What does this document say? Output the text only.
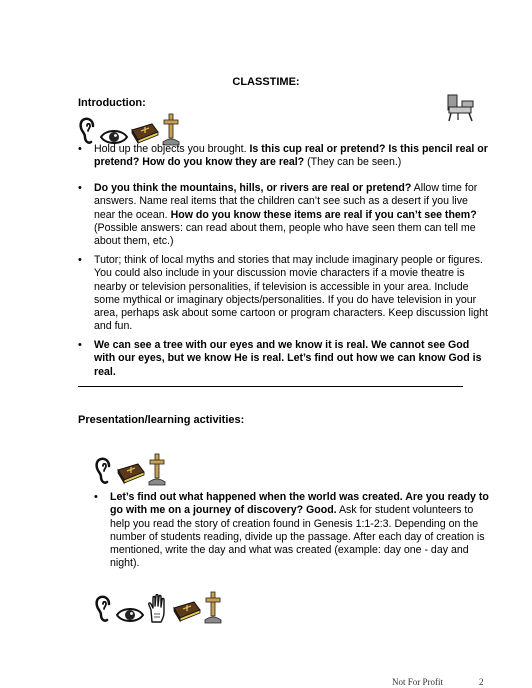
CLASSTIME:
Introduction:
•	Hold up the objects you brought. Is this cup real or pretend? Is this pencil real or pretend? How do you know they are real? (They can be seen.)
•	Do you think the mountains, hills, or rivers are real or pretend? Allow time for answers. Name real items that the children can’t see such as a desert if you live near the ocean. How do you know these items are real if you can’t see them? (Possible answers: can read about them, people who have seen them can tell me about them, etc.)
•	Tutor; think of local myths and stories that may include imaginary people or figures. You could also include in your discussion movie characters if a movie theatre is nearby or television personalities, if television is accessible in your area. Include some mythical or imaginary objects/personalities. If you do have television in your area, perhaps ask about some cartoon or program characters. Keep discussion light and fun.
•	We can see a tree with our eyes and we know it is real. We cannot see God with our eyes, but we know He is real. Let’s find out how we can know God is real.
Presentation/learning activities:
•	Let’s find out what happened when the world was created. Are you ready to go with me on a journey of discovery? Good. Ask for student volunteers to help you read the story of creation found in Genesis 1:1-2:3. Depending on the number of students reading, divide up the passage. After each day of creation is mentioned, write the day and what was created (example: day one - day and night).
Not For Profit	2
